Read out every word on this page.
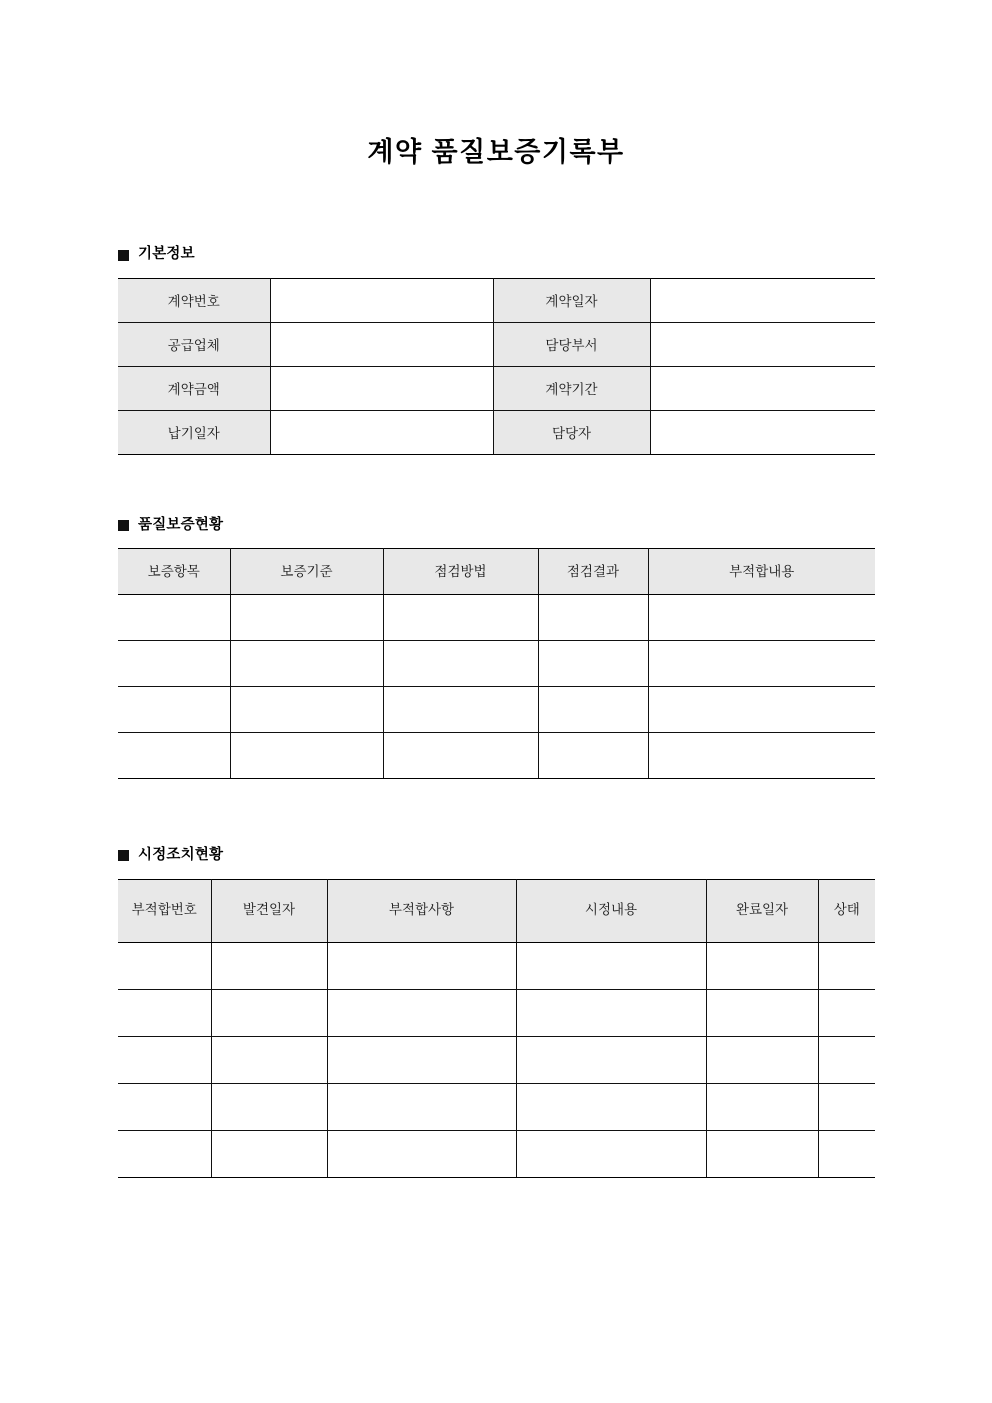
계약 품질보증기록부
기본정보
계약번호		계약일자	
공급업체		담당부서	
계약금액		계약기간	
납기일자		담당자	
품질보증현황
보증항목	보증기준	점검방법	점검결과	부적합내용

시정조치현황
부적합번호	발견일자	부적합사항	시정내용	완료일자	상태
